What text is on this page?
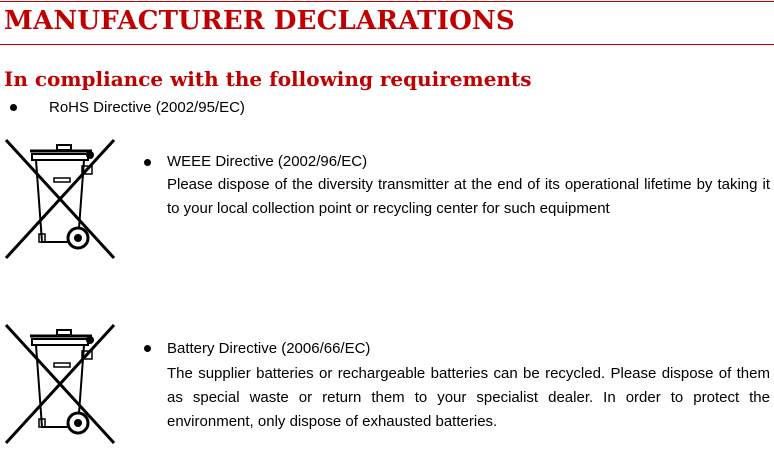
MANUFACTURER DECLARATIONS
In compliance with the following requirements
RoHS Directive (2002/95/EC)
WEEE Directive (2002/96/EC)
Please dispose of the diversity transmitter at the end of its operational lifetime by taking it to your local collection point or recycling center for such equipment
Battery Directive (2006/66/EC)
The supplier batteries or rechargeable batteries can be recycled. Please dispose of them as special waste or return them to your specialist dealer. In order to protect the environment, only dispose of exhausted batteries.
